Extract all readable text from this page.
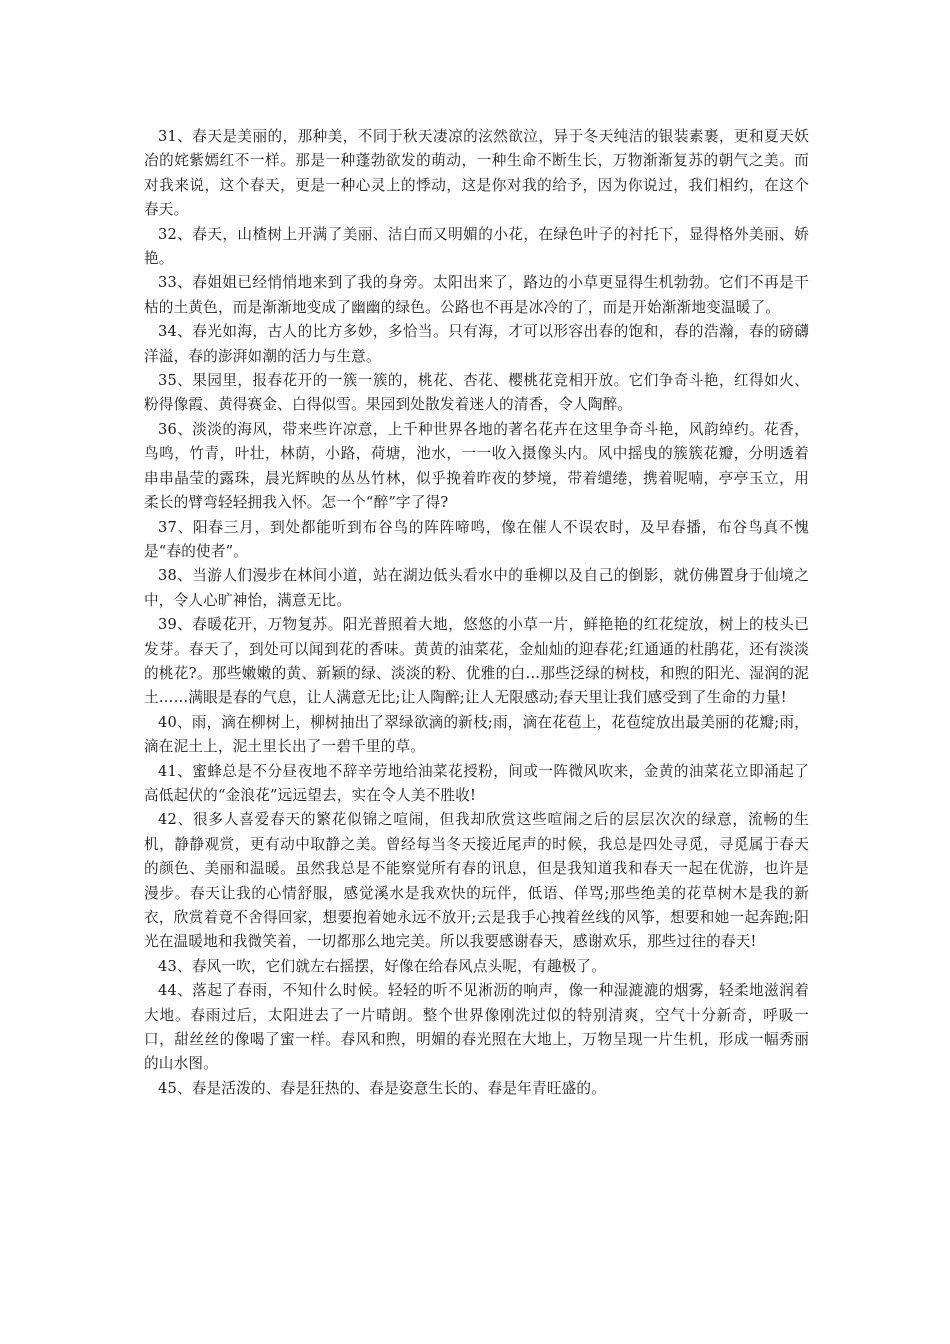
31、春天是美丽的，那种美，不同于秋天凄凉的泫然欲泣，异于冬天纯洁的银装素裹，更和夏天妖冶的姹紫嫣红不一样。那是一种蓬勃欲发的萌动，一种生命不断生长，万物渐渐复苏的朝气之美。而对我来说，这个春天，更是一种心灵上的悸动，这是你对我的给予，因为你说过，我们相约，在这个春天。

32、春天，山楂树上开满了美丽、洁白而又明媚的小花，在绿色叶子的衬托下，显得格外美丽、娇艳。

33、春姐姐已经悄悄地来到了我的身旁。太阳出来了，路边的小草更显得生机勃勃。它们不再是干枯的土黄色，而是渐渐地变成了幽幽的绿色。公路也不再是冰冷的了，而是开始渐渐地变温暖了。

34、春光如海，古人的比方多妙，多恰当。只有海，才可以形容出春的饱和，春的浩瀚，春的磅礴洋溢，春的澎湃如潮的活力与生意。

35、果园里，报春花开的一簇一簇的，桃花、杏花、樱桃花竞相开放。它们争奇斗艳，红得如火、粉得像霞、黄得赛金、白得似雪。果园到处散发着迷人的清香，令人陶醉。

36、淡淡的海风，带来些许凉意，上千种世界各地的著名花卉在这里争奇斗艳，风韵绰约。花香，鸟鸣，竹青，叶壮，林荫，小路，荷塘，池水，一一收入摄像头内。风中摇曳的簇簇花瓣，分明透着串串晶莹的露珠，晨光辉映的丛丛竹林，似乎挽着昨夜的梦境，带着缱绻，携着呢喃，亭亭玉立，用柔长的臂弯轻轻拥我入怀。怎一个“醉”字了得?

37、阳春三月，到处都能听到布谷鸟的阵阵啼鸣，像在催人不误农时，及早春播，布谷鸟真不愧是“春的使者”。

38、当游人们漫步在林间小道，站在湖边低头看水中的垂柳以及自己的倒影，就仿佛置身于仙境之中，令人心旷神怡，满意无比。

39、春暖花开，万物复苏。阳光普照着大地，悠悠的小草一片，鲜艳艳的红花绽放，树上的枝头已发芽。春天了，到处可以闻到花的香味。黄黄的油菜花，金灿灿的迎春花;红通通的杜鹃花，还有淡淡的桃花?。那些嫩嫩的黄、新颖的绿、淡淡的粉、优雅的白…那些泛绿的树枝，和煦的阳光、湿润的泥土……满眼是春的气息，让人满意无比;让人陶醉;让人无限感动;春天里让我们感受到了生命的力量!

40、雨，滴在柳树上，柳树抽出了翠绿欲滴的新枝;雨，滴在花苞上，花苞绽放出最美丽的花瓣;雨，滴在泥土上，泥土里长出了一碧千里的草。

41、蜜蜂总是不分昼夜地不辞辛劳地给油菜花授粉，间或一阵微风吹来，金黄的油菜花立即涌起了高低起伏的“金浪花”远远望去，实在令人美不胜收!

42、很多人喜爱春天的繁花似锦之喧闹，但我却欣赏这些喧闹之后的层层次次的绿意，流畅的生机，静静观赏，更有动中取静之美。曾经每当冬天接近尾声的时候，我总是四处寻觅，寻觅属于春天的颜色、美丽和温暖。虽然我总是不能察觉所有春的讯息，但是我知道我和春天一起在优游，也许是漫步。春天让我的心情舒服，感觉溪水是我欢快的玩伴，低语、佯骂;那些绝美的花草树木是我的新衣，欣赏着竟不舍得回家，想要抱着她永远不放开;云是我手心拽着丝线的风筝，想要和她一起奔跑;阳光在温暖地和我微笑着，一切都那么地完美。所以我要感谢春天，感谢欢乐，那些过往的春天!

43、春风一吹，它们就左右摇摆，好像在给春风点头呢，有趣极了。

44、落起了春雨，不知什么时候。轻轻的听不见淅沥的响声，像一种湿漉漉的烟雾，轻柔地滋润着大地。春雨过后，太阳进去了一片晴朗。整个世界像刚洗过似的特别清爽，空气十分新奇，呼吸一口，甜丝丝的像喝了蜜一样。春风和煦，明媚的春光照在大地上，万物呈现一片生机，形成一幅秀丽的山水图。

45、春是活泼的、春是狂热的、春是姿意生长的、春是年青旺盛的。
